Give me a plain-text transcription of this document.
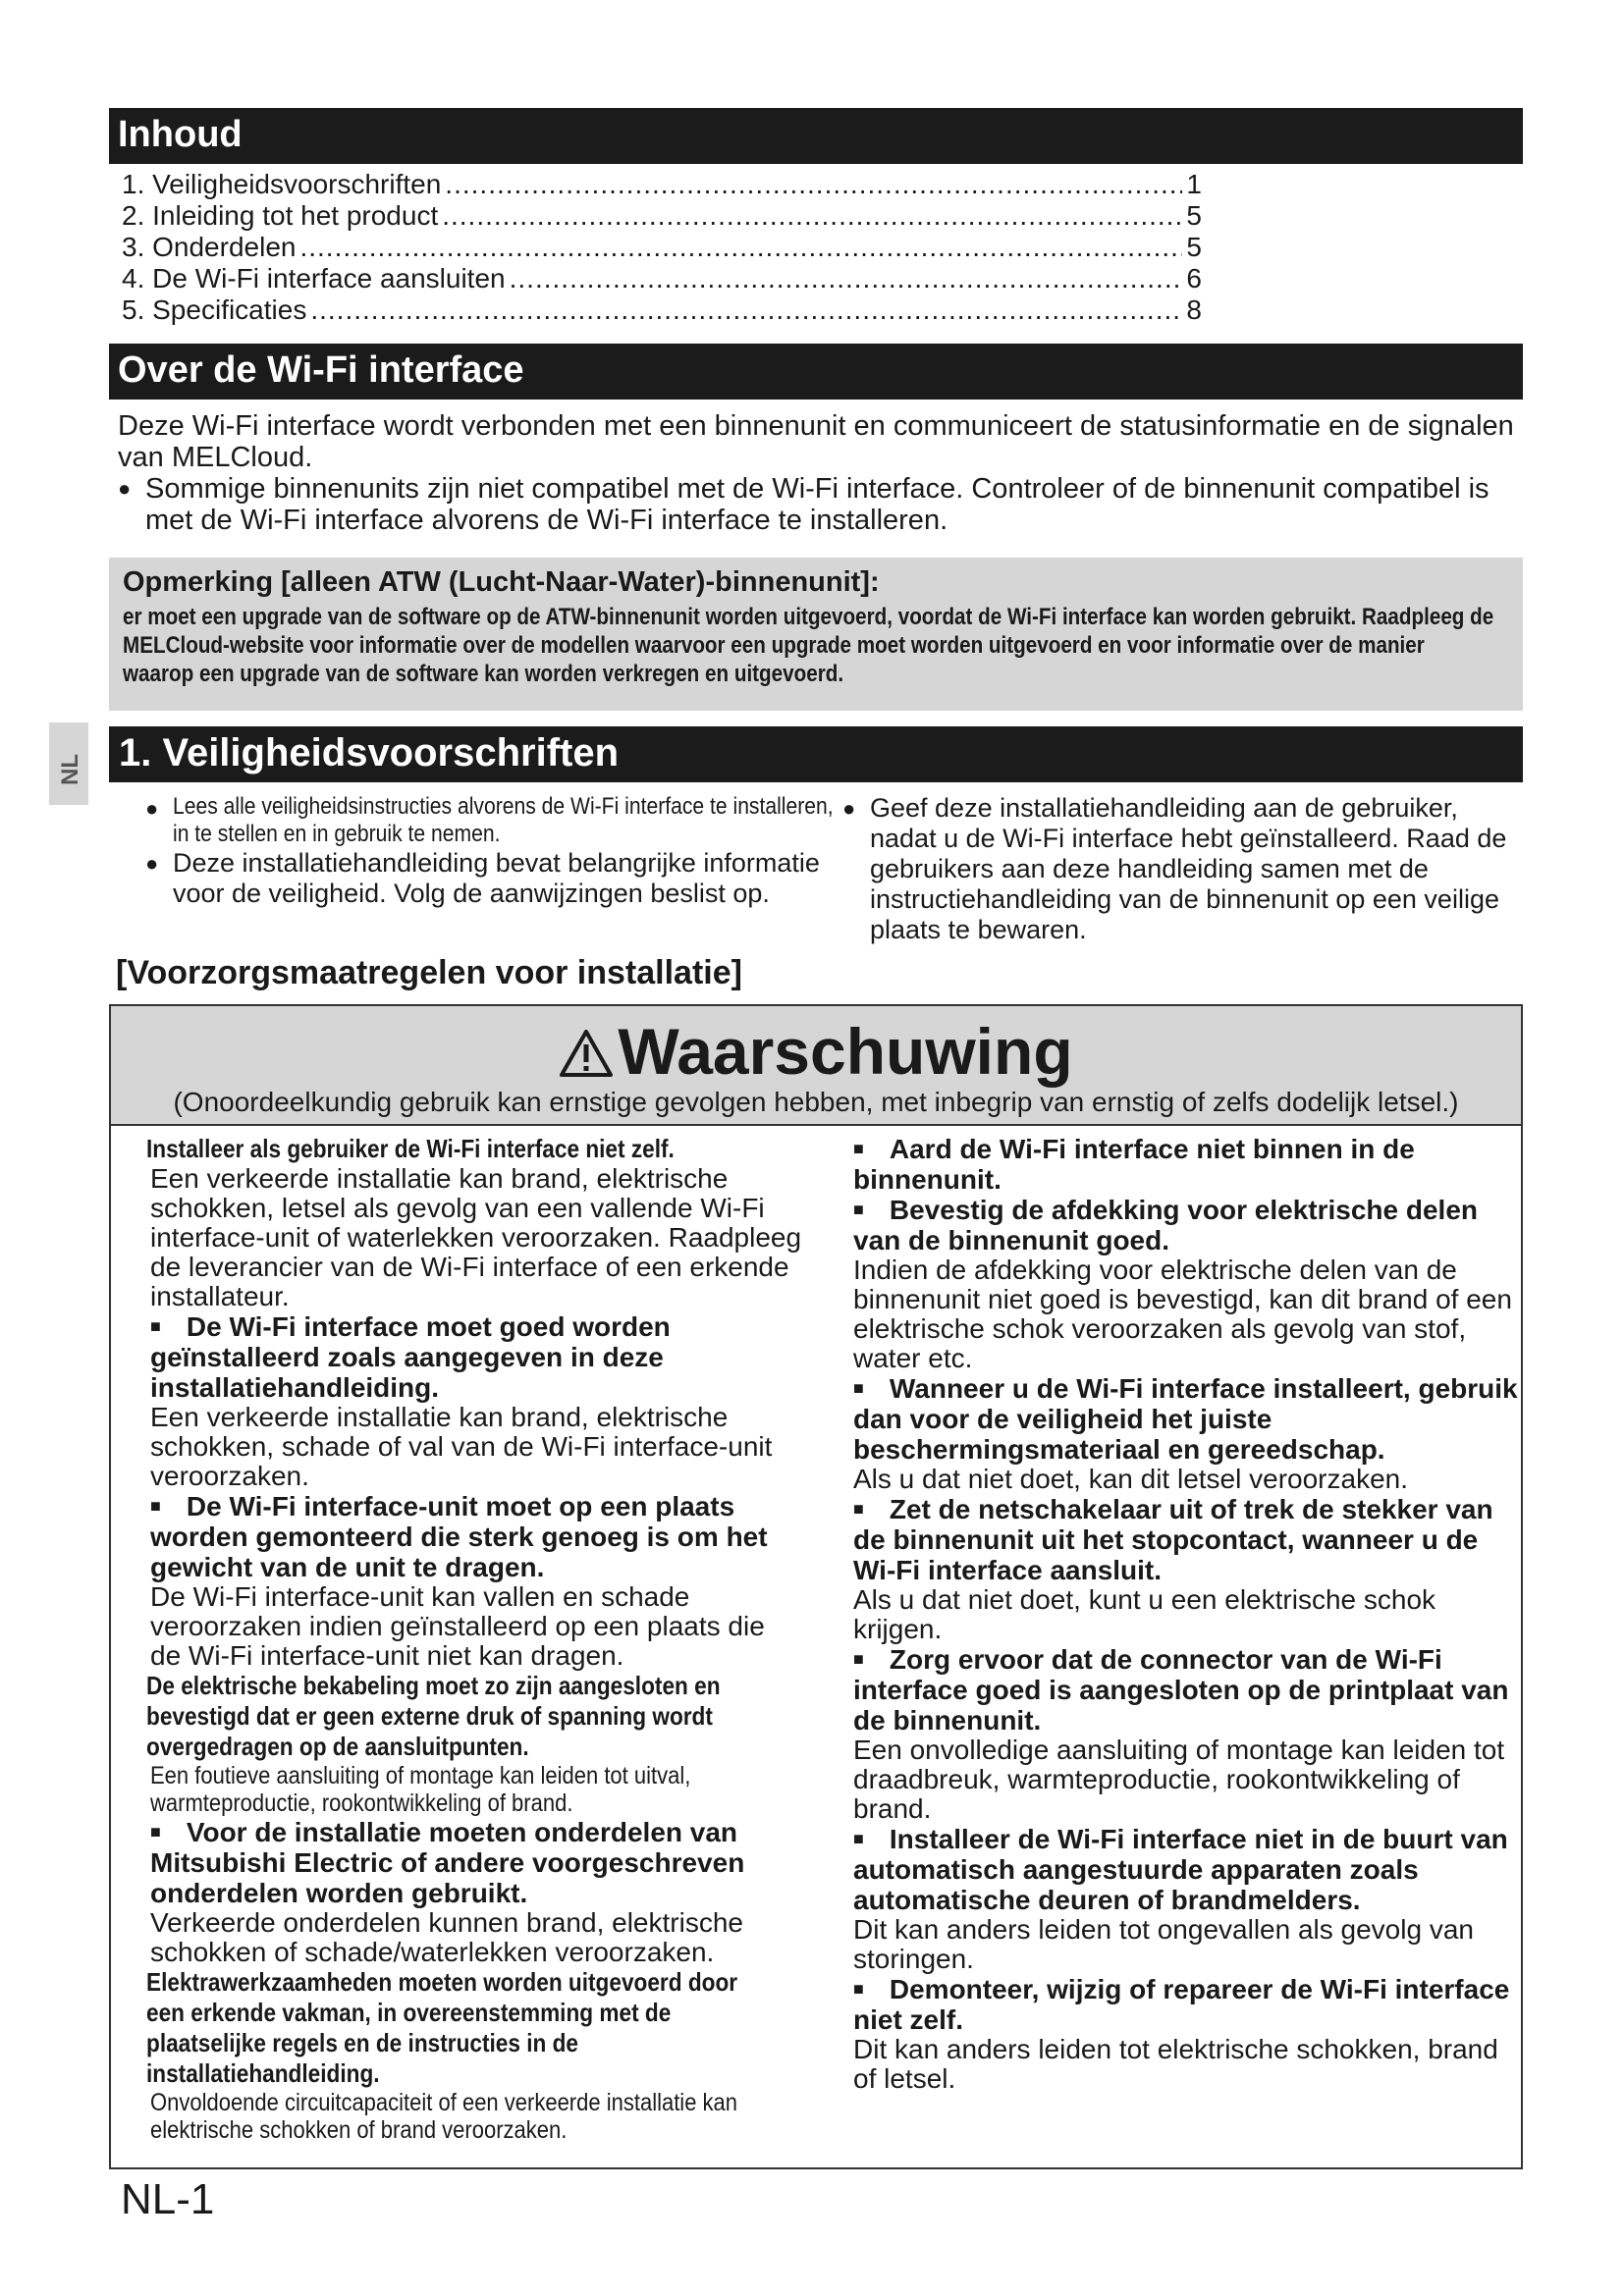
Inhoud
1. Veiligheidsvoorschriften .....	1
2. Inleiding tot het product .....	5
3. Onderdelen .....	5
4. De Wi-Fi interface aansluiten .....	6
5. Specificaties .....	8
Over de Wi-Fi interface

Deze Wi-Fi interface wordt verbonden met een binnenunit en communiceert de statusinformatie en de signalen van MELCloud.

● Sommige binnenunits zijn niet compatibel met de Wi-Fi interface. Controleer of de binnenunit compatibel is met de Wi-Fi interface alvorens de Wi-Fi interface te installeren.

Opmerking [alleen ATW (Lucht-Naar-Water)-binnenunit]:
er moet een upgrade van de software op de ATW-binnenunit worden uitgevoerd, voordat de Wi-Fi interface kan worden gebruikt. Raadpleeg de MELCloud-website voor informatie over de modellen waarvoor een upgrade moet worden uitgevoerd en voor informatie over de manier waarop een upgrade van de software kan worden verkregen en uitgevoerd.
NL 1. Veiligheidsvoorschriften
● Lees alle veiligheidsinstructies alvorens de Wi-Fi interface te installeren, in te stellen en in gebruik te nemen.
● Deze installatiehandleiding bevat belangrijke informatie voor de veiligheid. Volg de aanwijzingen beslist op.
● Geef deze installatiehandleiding aan de gebruiker, nadat u de Wi-Fi interface hebt geïnstalleerd. Raad de gebruikers aan deze handleiding samen met de instructiehandleiding van de binnenunit op een veilige plaats te bewaren.
[Voorzorgsmaatregelen voor installatie]
Waarschuwing
(Onoordeelkundig gebruik kan ernstige gevolgen hebben, met inbegrip van ernstig of zelfs dodelijk letsel.)
Installeer als gebruiker de Wi-Fi interface niet zelf.
Een verkeerde installatie kan brand, elektrische schokken, letsel als gevolg van een vallende Wi-Fi interface-unit of waterlekken veroorzaken. Raadpleeg de leverancier van de Wi-Fi interface of een erkende installateur.
■ De Wi-Fi interface moet goed worden geïnstalleerd zoals aangegeven in deze installatiehandleiding.
Een verkeerde installatie kan brand, elektrische schokken, schade of val van de Wi-Fi interface-unit veroorzaken.
■ De Wi-Fi interface-unit moet op een plaats worden gemonteerd die sterk genoeg is om het gewicht van de unit te dragen.
De Wi-Fi interface-unit kan vallen en schade veroorzaken indien geïnstalleerd op een plaats die de Wi-Fi interface-unit niet kan dragen.
De elektrische bekabeling moet zo zijn aangesloten en bevestigd dat er geen externe druk of spanning wordt overgedragen op de aansluitpunten.
Een foutieve aansluiting of montage kan leiden tot uitval, warmteproductie, rookontwikkeling of brand.
■ Voor de installatie moeten onderdelen van Mitsubishi Electric of andere voorgeschreven onderdelen worden gebruikt.
Verkeerde onderdelen kunnen brand, elektrische schokken of schade/waterlekken veroorzaken.
Elektrawerkzaamheden moeten worden uitgevoerd door een erkende vakman, in overeenstemming met de plaatselijke regels en de instructies in de installatiehandleiding.
Onvoldoende circuitcapaciteit of een verkeerde installatie kan elektrische schokken of brand veroorzaken.
■ Aard de Wi-Fi interface niet binnen in de binnenunit.
■ Bevestig de afdekking voor elektrische delen van de binnenunit goed.
Indien de afdekking voor elektrische delen van de binnenunit niet goed is bevestigd, kan dit brand of een elektrische schok veroorzaken als gevolg van stof, water etc.
■ Wanneer u de Wi-Fi interface installeert, gebruik dan voor de veiligheid het juiste beschermingsmateriaal en gereedschap.
Als u dat niet doet, kan dit letsel veroorzaken.
■ Zet de netschakelaar uit of trek de stekker van de binnenunit uit het stopcontact, wanneer u de Wi-Fi interface aansluit.
Als u dat niet doet, kunt u een elektrische schok krijgen.
■ Zorg ervoor dat de connector van de Wi-Fi interface goed is aangesloten op de printplaat van de binnenunit.
Een onvolledige aansluiting of montage kan leiden tot draadbreuk, warmteproductie, rookontwikkeling of brand.
■ Installeer de Wi-Fi interface niet in de buurt van automatisch aangestuurde apparaten zoals automatische deuren of brandmelders.
Dit kan anders leiden tot ongevallen als gevolg van storingen.
■ Demonteer, wijzig of repareer de Wi-Fi interface niet zelf.
Dit kan anders leiden tot elektrische schokken, brand of letsel.
NL-1
